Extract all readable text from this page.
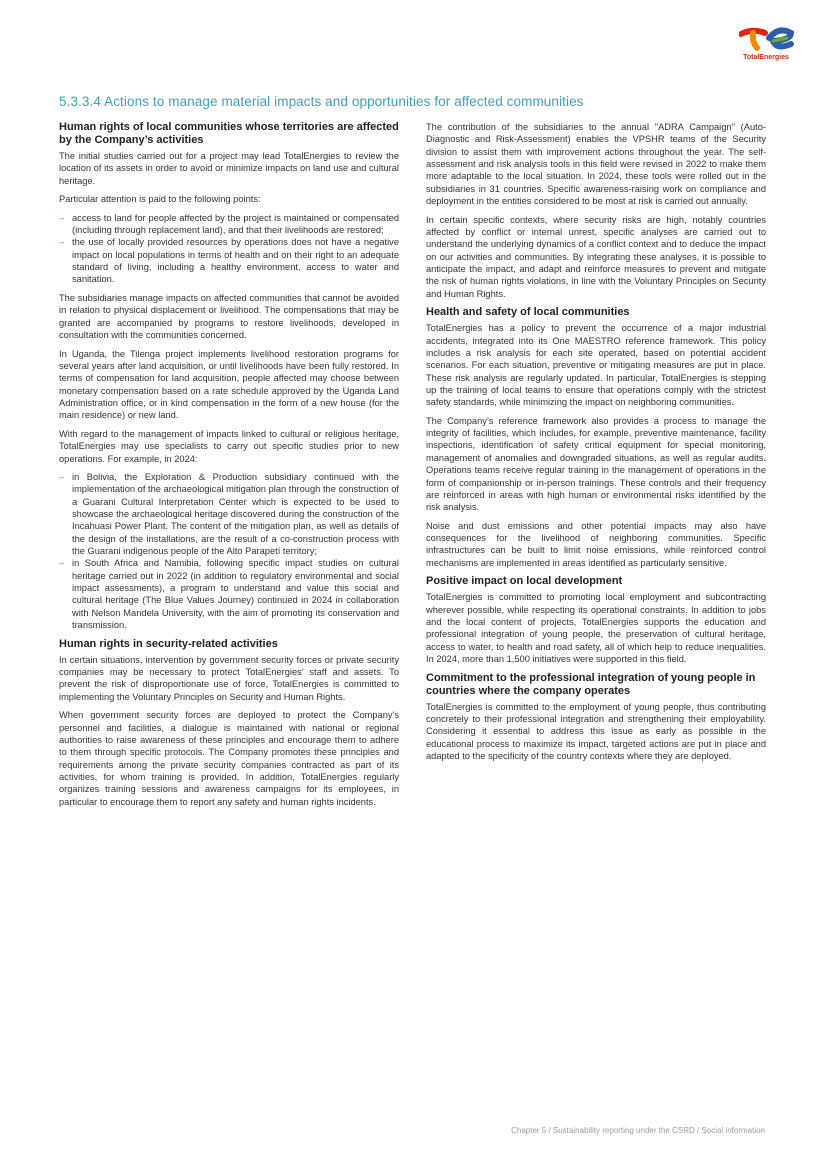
TotalEnergies
5.3.3.4 Actions to manage material impacts and opportunities for affected communities
Human rights of local communities whose territories are affected by the Company’s activities

The initial studies carried out for a project may lead TotalEnergies to review the location of its assets in order to avoid or minimize impacts on land use and cultural heritage.

Particular attention is paid to the following points:

– access to land for people affected by the project is maintained or compensated (including through replacement land), and that their livelihoods are restored;
– the use of locally provided resources by operations does not have a negative impact on local populations in terms of health and on their right to an adequate standard of living, including a healthy environment, access to water and sanitation.

The subsidiaries manage impacts on affected communities that cannot be avoided in relation to physical displacement or livelihood. The compensations that may be granted are accompanied by programs to restore livelihoods, developed in consultation with the communities concerned.

In Uganda, the Tilenga project implements livelihood restoration programs for several years after land acquisition, or until livelihoods have been fully restored. In terms of compensation for land acquisition, people affected may choose between monetary compensation based on a rate schedule approved by the Uganda Land Administration office, or in kind compensation in the form of a new house (for the main residence) or new land.

With regard to the management of impacts linked to cultural or religious heritage, TotalEnergies may use specialists to carry out specific studies prior to new operations. For example, in 2024:

– in Bolivia, the Exploration & Production subsidiary continued with the implementation of the archaeological mitigation plan through the construction of a Guarani Cultural Interpretation Center which is expected to be used to showcase the archaeological heritage discovered during the construction of the Incahuasi Power Plant. The content of the mitigation plan, as well as details of the design of the installations, are the result of a co-construction process with the Guarani indigenous people of the Alto Parapetí territory;
– in South Africa and Namibia, following specific impact studies on cultural heritage carried out in 2022 (in addition to regulatory environmental and social impact assessments), a program to understand and value this social and cultural heritage (The Blue Values Journey) continued in 2024 in collaboration with Nelson Mandela University, with the aim of promoting its conservation and transmission.
Human rights in security-related activities

In certain situations, intervention by government security forces or private security companies may be necessary to protect TotalEnergies’ staff and assets. To prevent the risk of disproportionate use of force, TotalEnergies is committed to implementing the Voluntary Principles on Security and Human Rights.

When government security forces are deployed to protect the Company's personnel and facilities, a dialogue is maintained with national or regional authorities to raise awareness of these principles and encourage them to adhere to them through specific protocols. The Company promotes these principles and requirements among the private security companies contracted as part of its activities, for whom training is provided. In addition, TotalEnergies regularly organizes training sessions and awareness campaigns for its employees, in particular to encourage them to report any safety and human rights incidents.

The contribution of the subsidiaries to the annual "ADRA Campaign" (Auto-Diagnostic and Risk-Assessment) enables the VPSHR teams of the Security division to assist them with improvement actions throughout the year. The self-assessment and risk analysis tools in this field were revised in 2022 to make them more adaptable to the local situation. In 2024, these tools were rolled out in the subsidiaries in 31 countries. Specific awareness-raising work on compliance and deployment in the entities considered to be most at risk is carried out annually.

In certain specific contexts, where security risks are high, notably countries affected by conflict or internal unrest, specific analyses are carried out to understand the underlying dynamics of a conflict context and to deduce the impact on our activities and communities. By integrating these analyses, it is possible to anticipate the impact, and adapt and reinforce measures to prevent and mitigate the risk of human rights violations, in line with the Voluntary Principles on Security and Human Rights.

Health and safety of local communities

TotalEnergies has a policy to prevent the occurrence of a major industrial accidents, integrated into its One MAESTRO reference framework. This policy includes a risk analysis for each site operated, based on potential accident scenarios. For each situation, preventive or mitigating measures are put in place. These risk analysis are regularly updated. In particular, TotalEnergies is stepping up the training of local teams to ensure that operations comply with the strictest safety standards, while minimizing the impact on neighboring communities.

The Company’s reference framework also provides a process to manage the integrity of facilities, which includes, for example, preventive maintenance, facility inspections, identification of safety critical equipment for special monitoring, management of anomalies and downgraded situations, as well as regular audits. Operations teams receive regular training in the management of operations in the form of companionship or in-person trainings. These controls and their frequency are reinforced in areas with high human or environmental risks identified by the risk analysis.

Noise and dust emissions and other potential impacts may also have consequences for the livelihood of neighboring communities. Specific infrastructures can be built to limit noise emissions, while reinforced control mechanisms are implemented in areas identified as particularly sensitive.

Positive impact on local development

TotalEnergies is committed to promoting local employment and subcontracting wherever possible, while respecting its operational constraints. In addition to jobs and the local content of projects, TotalEnergies supports the education and professional integration of young people, the preservation of cultural heritage, access to water, to health and road safety, all of which help to reduce inequalities. In 2024, more than 1,500 initiatives were supported in this field.

Commitment to the professional integration of young people in countries where the company operates

TotalEnergies is committed to the employment of young people, thus contributing concretely to their professional integration and strengthening their employability. Considering it essential to address this issue as early as possible in the educational process to maximize its impact, targeted actions are put in place and adapted to the specificity of the country contexts where they are deployed.

Chapter 5 / Sustainability reporting under the CSRD / Social information
